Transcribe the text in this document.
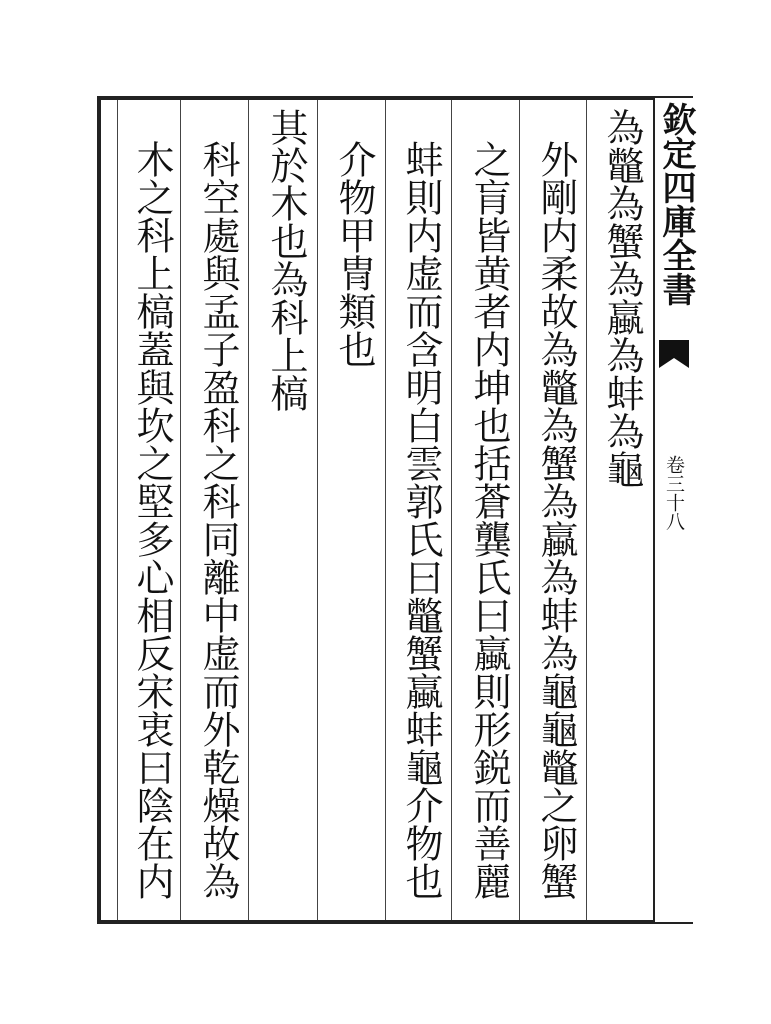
為鼈為蟹為蠃為蚌為龜
外剛内柔故為鼈為蟹為蠃為蚌為龜龜鼈之卵蟹
之肓皆黄者内坤也括蒼龔氏曰蠃則形鋭而善麗
蚌則内虚而含明白雲郭氏曰鼈蟹蠃蚌龜介物也
介物甲冑類也
其於木也為科上槁
科空處與孟子盈科之科同離中虚而外乾燥故為
木之科上槁蓋與坎之堅多心相反宋衷曰陰在内	欽定四庫全書
卷三十八
